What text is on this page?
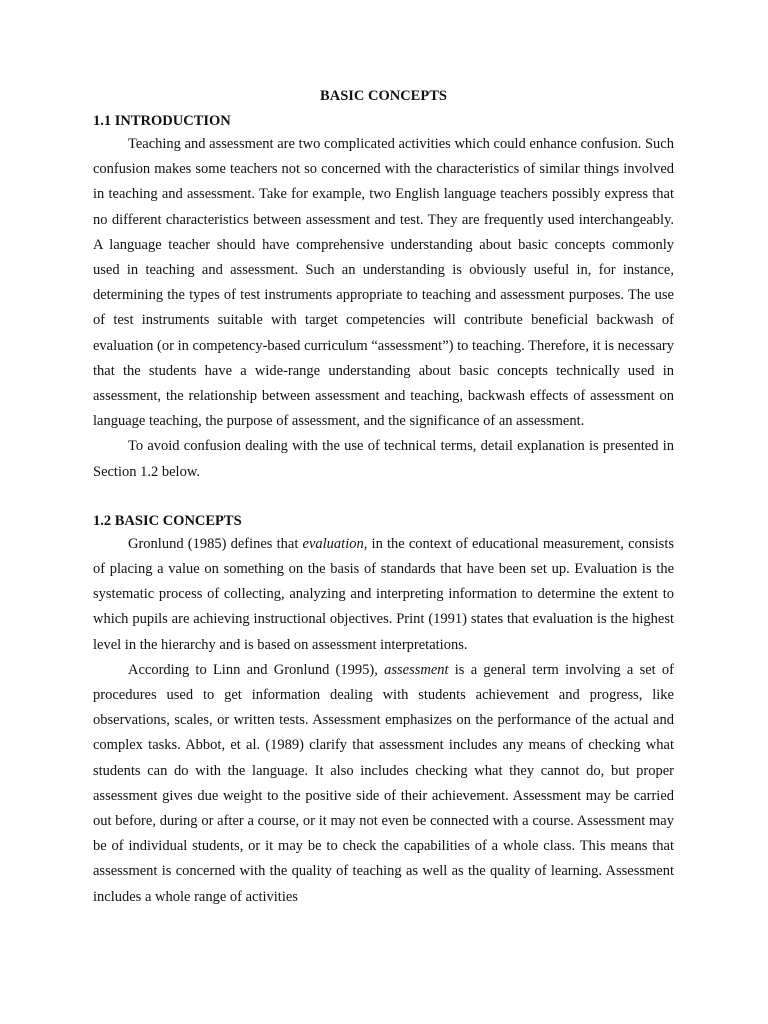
BASIC CONCEPTS
1.1 INTRODUCTION

Teaching and assessment are two complicated activities which could enhance confusion. Such confusion makes some teachers not so concerned with the characteristics of similar things involved in teaching and assessment. Take for example, two English language teachers possibly express that no different characteristics between assessment and test. They are frequently used interchangeably. A language teacher should have comprehensive understanding about basic concepts commonly used in teaching and assessment. Such an understanding is obviously useful in, for instance, determining the types of test instruments appropriate to teaching and assessment purposes. The use of test instruments suitable with target competencies will contribute beneficial backwash of evaluation (or in competency-based curriculum “assessment”) to teaching. Therefore, it is necessary that the students have a wide-range understanding about basic concepts technically used in assessment, the relationship between assessment and teaching, backwash effects of assessment on language teaching, the purpose of assessment, and the significance of an assessment.

To avoid confusion dealing with the use of technical terms, detail explanation is presented in Section 1.2 below.

1.2 BASIC CONCEPTS

Gronlund (1985) defines that evaluation, in the context of educational measurement, consists of placing a value on something on the basis of standards that have been set up. Evaluation is the systematic process of collecting, analyzing and interpreting information to determine the extent to which pupils are achieving instructional objectives. Print (1991) states that evaluation is the highest level in the hierarchy and is based on assessment interpretations.

According to Linn and Gronlund (1995), assessment is a general term involving a set of procedures used to get information dealing with students achievement and progress, like observations, scales, or written tests. Assessment emphasizes on the performance of the actual and complex tasks. Abbot, et al. (1989) clarify that assessment includes any means of checking what students can do with the language. It also includes checking what they cannot do, but proper assessment gives due weight to the positive side of their achievement. Assessment may be carried out before, during or after a course, or it may not even be connected with a course. Assessment may be of individual students, or it may be to check the capabilities of a whole class. This means that assessment is concerned with the quality of teaching as well as the quality of learning. Assessment includes a whole range of activities
